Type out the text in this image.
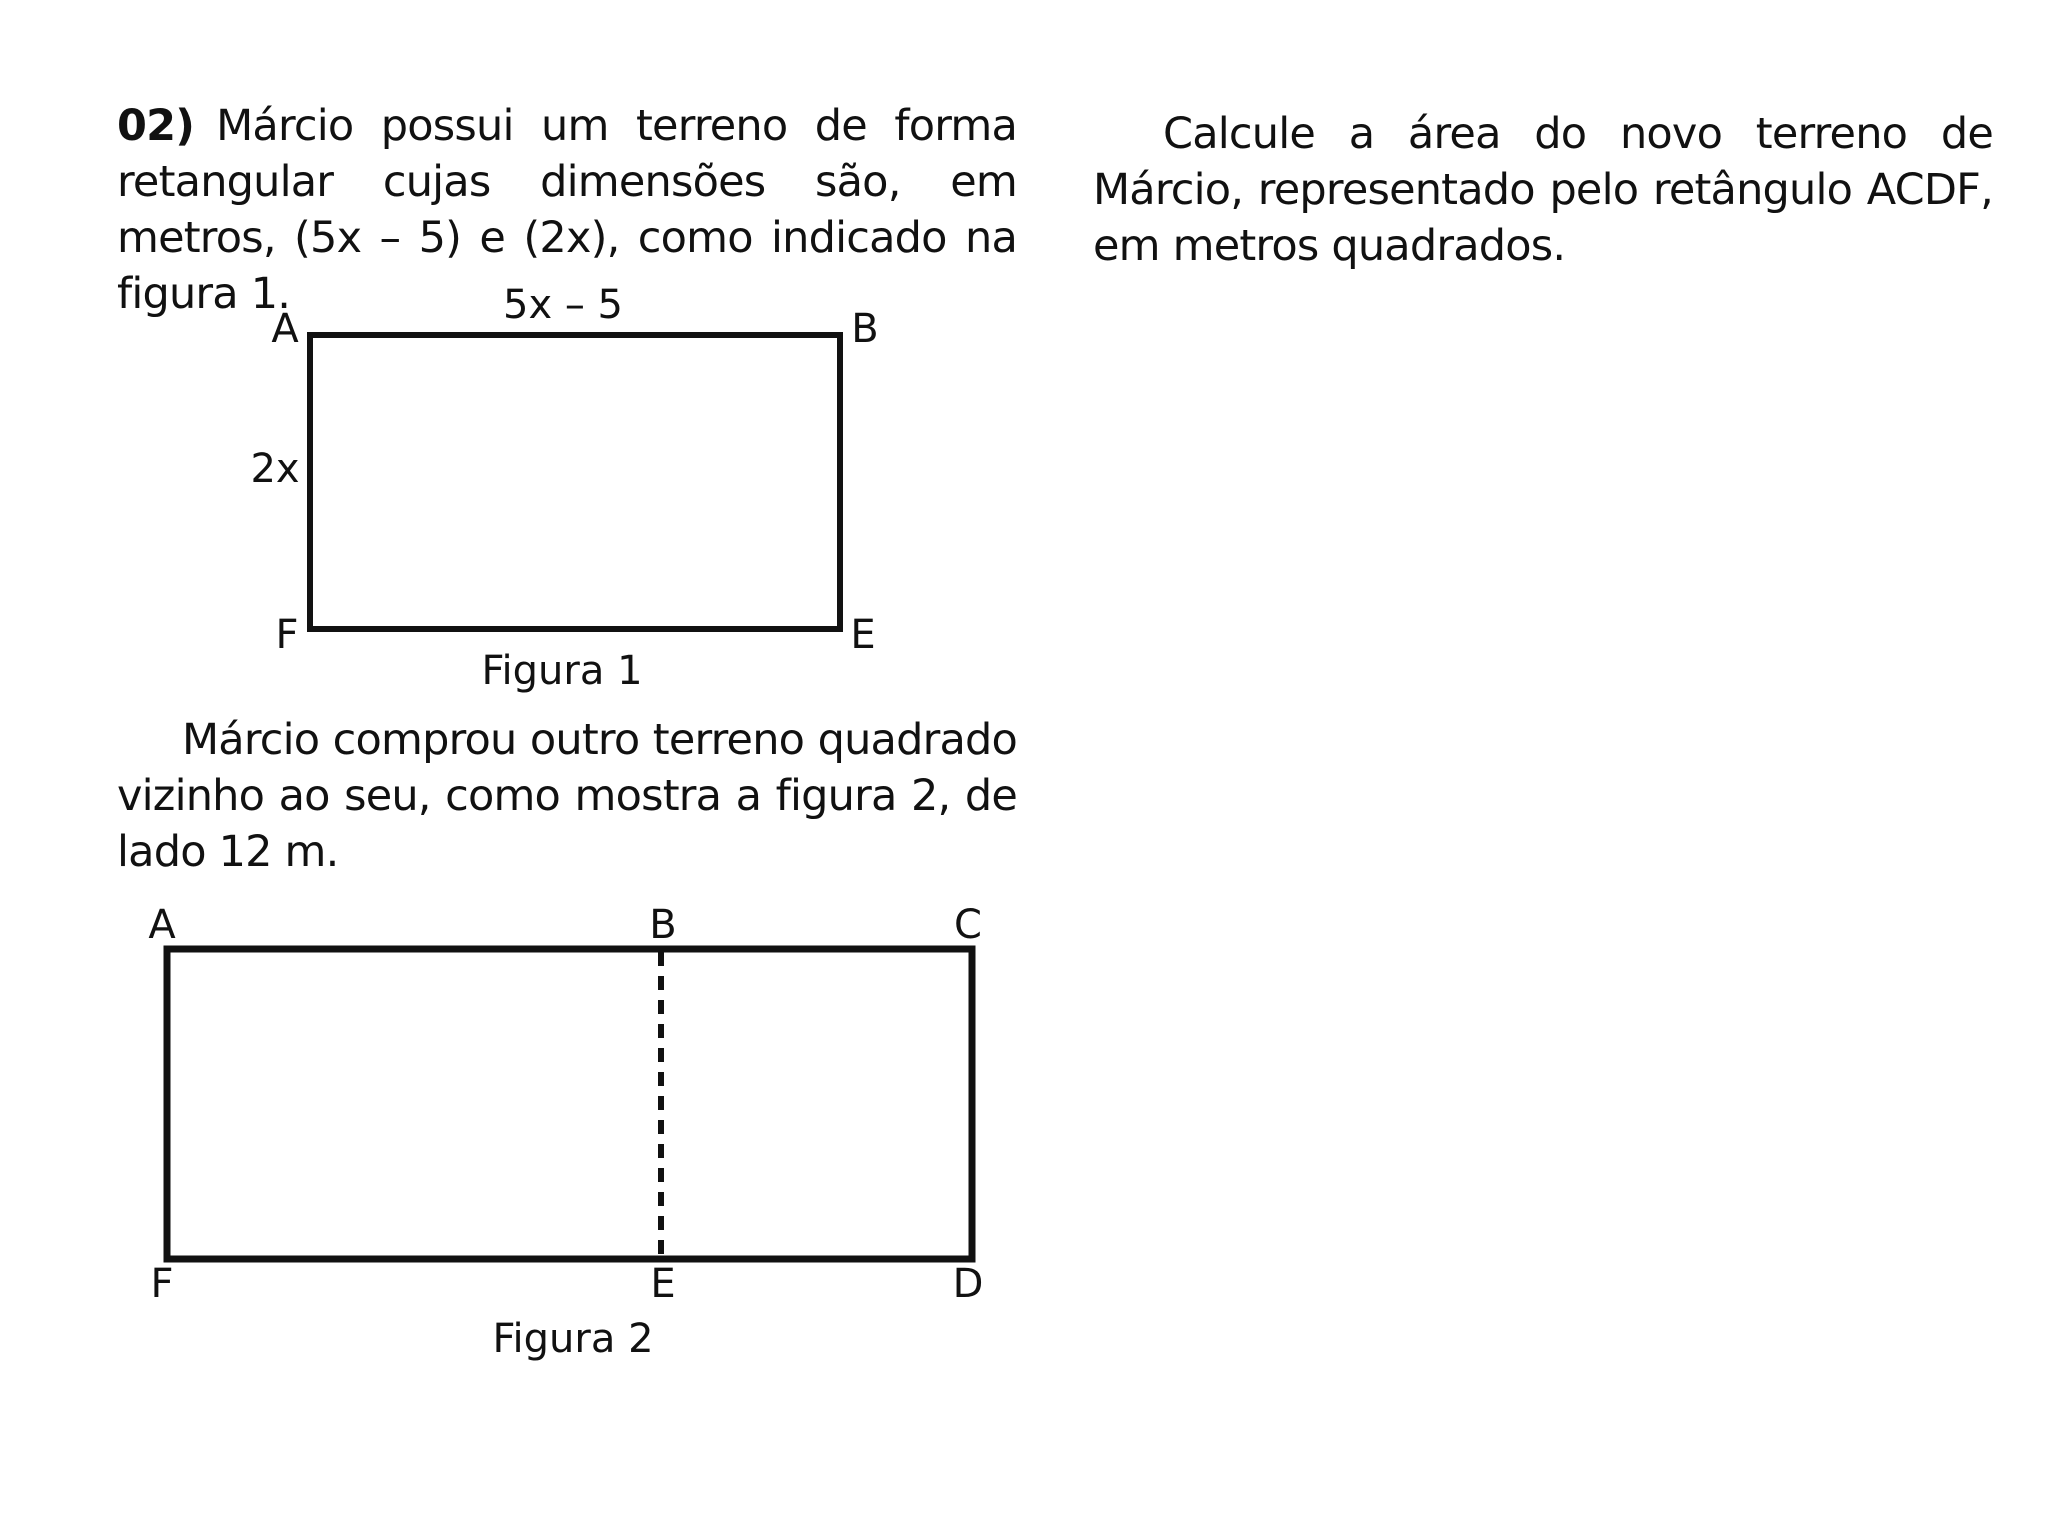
02) Márcio possui um terreno de forma retangular cujas dimensões são, em metros, (5x – 5) e (2x), como indicado na figura 1.
Márcio comprou outro terreno quadrado vizinho ao seu, como mostra a figura 2, de lado 12 m.
Calcule a área do novo terreno de Márcio, representado pelo retângulo ACDF, em metros quadrados.
5x – 5
2x
A	B
E
F
Figura 1
A	B	C
D
E
F
Figura 2
